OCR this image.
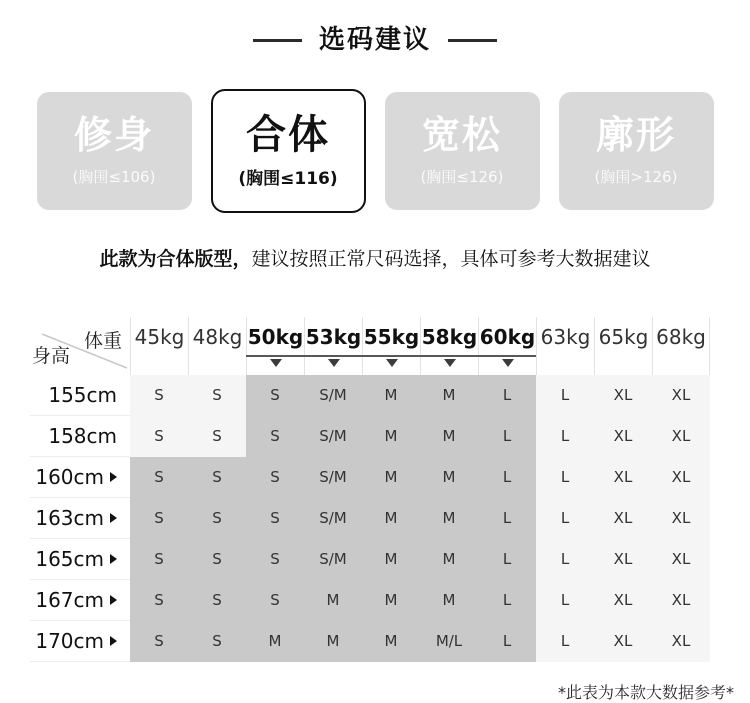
选码建议
修身
(胸围≤106)
合体
(胸围≤116)
宽松
(胸围≤126)
廓形
(胸围>126)

此款为合体版型，建议按照正常尺码选择，具体可参考大数据建议

体重
身高
45kg 48kg 50kg 53kg 55kg 58kg 60kg 63kg 65kg 68kg
155cm	S	S	S	S/M	M	M	L	L	XL	XL
158cm	S	S	S	S/M	M	M	L	L	XL	XL
160cm	S	S	S	S/M	M	M	L	L	XL	XL
163cm	S	S	S	S/M	M	M	L	L	XL	XL
165cm	S	S	S	S/M	M	M	L	L	XL	XL
167cm	S	S	S	M	M	M	L	L	XL	XL
170cm	S	S	M	M	M	M/L	L	L	XL	XL

*此表为本款大数据参考*
